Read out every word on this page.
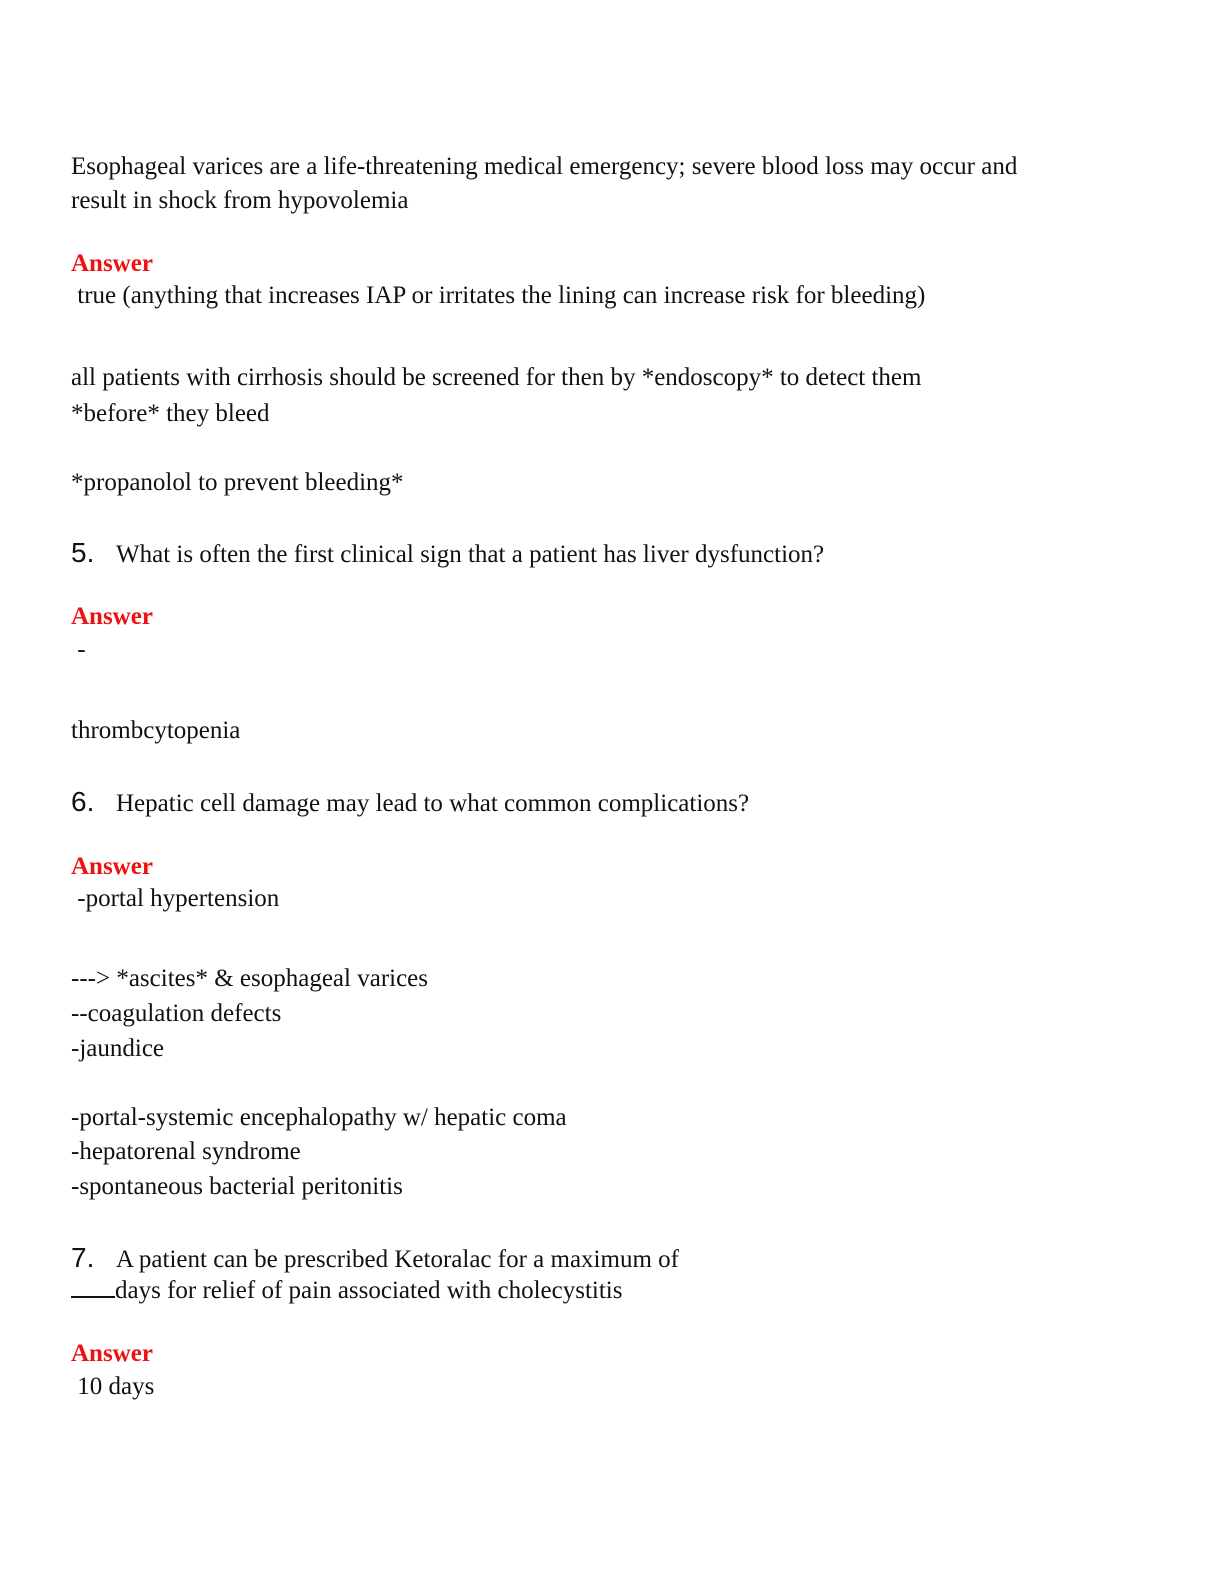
Esophageal varices are a life-threatening medical emergency; severe blood loss may occur and

result in shock from hypovolemia

Answer

true (anything that increases IAP or irritates the lining can increase risk for bleeding)

all patients with cirrhosis should be screened for then by *endoscopy* to detect them

*before* they bleed

*propanolol to prevent bleeding*

5. What is often the first clinical sign that a patient has liver dysfunction?

Answer

-

thrombcytopenia

6. Hepatic cell damage may lead to what common complications?

Answer

-portal hypertension

---> *ascites* & esophageal varices

--coagulation defects

-jaundice

-portal-systemic encephalopathy w/ hepatic coma

-hepatorenal syndrome

-spontaneous bacterial peritonitis

7. A patient can be prescribed Ketoralac for a maximum of

days for relief of pain associated with cholecystitis

Answer

10 days
